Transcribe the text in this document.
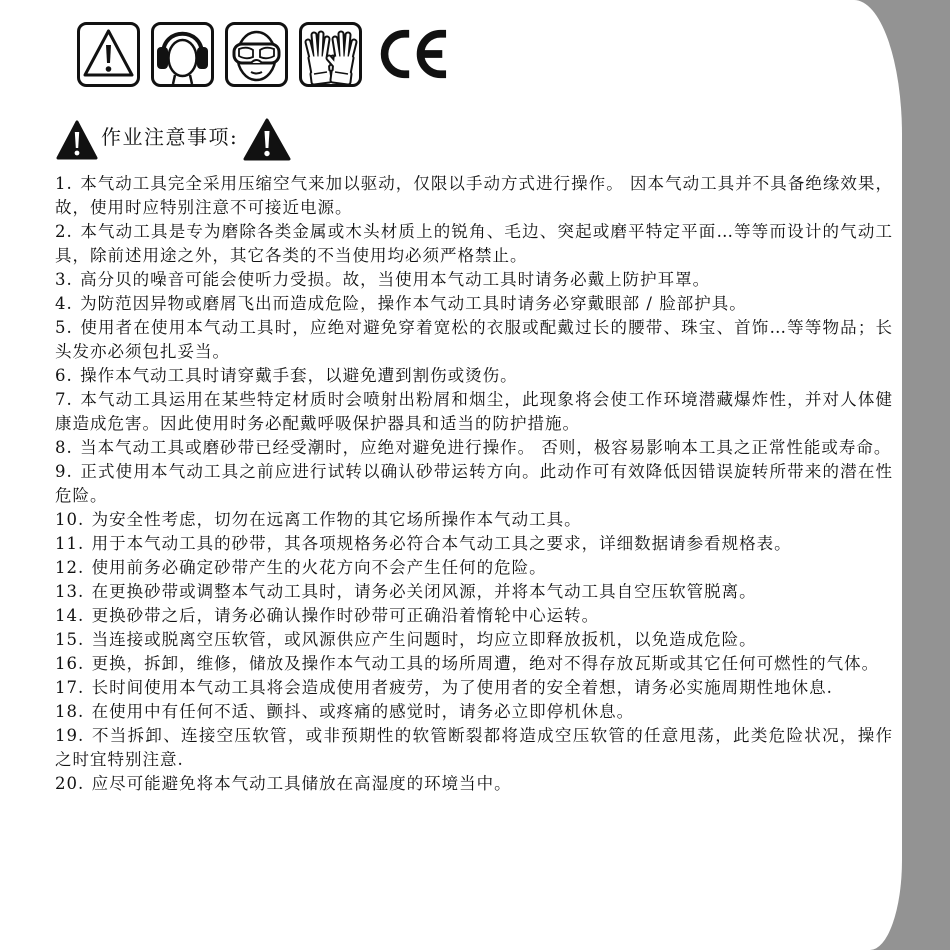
作业注意事项:
1. 本气动工具完全采用压缩空气来加以驱动，仅限以手动方式进行操作。 因本气动工具并不具备绝缘效果，故，使用时应特别注意不可接近电源。
2. 本气动工具是专为磨除各类金属或木头材质上的锐角、毛边、突起或磨平特定平面…等等而设计的气动工具，除前述用途之外，其它各类的不当使用均必须严格禁止。
3. 高分贝的噪音可能会使听力受损。故，当使用本气动工具时请务必戴上防护耳罩。
4. 为防范因异物或磨屑飞出而造成危险，操作本气动工具时请务必穿戴眼部 / 脸部护具。
5. 使用者在使用本气动工具时，应绝对避免穿着宽松的衣服或配戴过长的腰带、珠宝、首饰…等等物品；长头发亦必须包扎妥当。
6. 操作本气动工具时请穿戴手套，以避免遭到割伤或烫伤。
7. 本气动工具运用在某些特定材质时会喷射出粉屑和烟尘，此现象将会使工作环境潜藏爆炸性，并对人体健康造成危害。因此使用时务必配戴呼吸保护器具和适当的防护措施。
8. 当本气动工具或磨砂带已经受潮时，应绝对避免进行操作。 否则，极容易影响本工具之正常性能或寿命。
9. 正式使用本气动工具之前应进行试转以确认砂带运转方向。此动作可有效降低因错误旋转所带来的潜在性危险。
10. 为安全性考虑，切勿在远离工作物的其它场所操作本气动工具。
11. 用于本气动工具的砂带，其各项规格务必符合本气动工具之要求，详细数据请参看规格表。
12. 使用前务必确定砂带产生的火花方向不会产生任何的危险。
13. 在更换砂带或调整本气动工具时，请务必关闭风源，并将本气动工具自空压软管脱离。
14. 更换砂带之后，请务必确认操作时砂带可正确沿着惰轮中心运转。
15. 当连接或脱离空压软管，或风源供应产生问题时，均应立即释放扳机，以免造成危险。
16. 更换，拆卸，维修，储放及操作本气动工具的场所周遭，绝对不得存放瓦斯或其它任何可燃性的气体。
17. 长时间使用本气动工具将会造成使用者疲劳，为了使用者的安全着想，请务必实施周期性地休息.
18. 在使用中有任何不适、颤抖、或疼痛的感觉时，请务必立即停机休息。
19. 不当拆卸、连接空压软管，或非预期性的软管断裂都将造成空压软管的任意甩荡，此类危险状况，操作之时宜特别注意.
20. 应尽可能避免将本气动工具储放在高湿度的环境当中。
